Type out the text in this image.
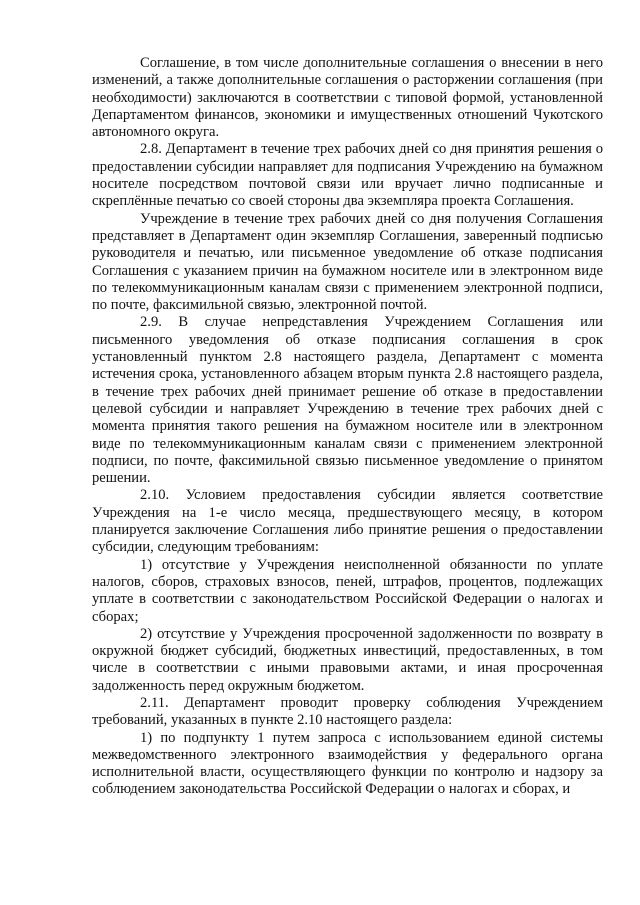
Соглашение, в том числе дополнительные соглашения о внесении в него изменений, а также дополнительные соглашения о расторжении соглашения (при необходимости) заключаются в соответствии с типовой формой, установленной Департаментом финансов, экономики и имущественных отношений Чукотского автономного округа.

2.8. Департамент в течение трех рабочих дней со дня принятия решения о предоставлении субсидии направляет для подписания Учреждению на бумажном носителе посредством почтовой связи или вручает лично подписанные и скреплённые печатью со своей стороны два экземпляра проекта Соглашения.

Учреждение в течение трех рабочих дней со дня получения Соглашения представляет в Департамент один экземпляр Соглашения, заверенный подписью руководителя и печатью, или письменное уведомление об отказе подписания Соглашения с указанием причин на бумажном носителе или в электронном виде по телекоммуникационным каналам связи с применением электронной подписи, по почте, факсимильной связью, электронной почтой.

2.9. В случае непредставления Учреждением Соглашения или письменного уведомления об отказе подписания соглашения в срок установленный пунктом 2.8 настоящего раздела, Департамент с момента истечения срока, установленного абзацем вторым пункта 2.8 настоящего раздела, в течение трех рабочих дней принимает решение об отказе в предоставлении целевой субсидии и направляет Учреждению в течение трех рабочих дней с момента принятия такого решения на бумажном носителе или в электронном виде по телекоммуникационным каналам связи с применением электронной подписи, по почте, факсимильной связью письменное уведомление о принятом решении.

2.10. Условием предоставления субсидии является соответствие Учреждения на 1-е число месяца, предшествующего месяцу, в котором планируется заключение Соглашения либо принятие решения о предоставлении субсидии, следующим требованиям:

1) отсутствие у Учреждения неисполненной обязанности по уплате налогов, сборов, страховых взносов, пеней, штрафов, процентов, подлежащих уплате в соответствии с законодательством Российской Федерации о налогах и сборах;

2) отсутствие у Учреждения просроченной задолженности по возврату в окружной бюджет субсидий, бюджетных инвестиций, предоставленных, в том числе в соответствии с иными правовыми актами, и иная просроченная задолженность перед окружным бюджетом.

2.11. Департамент проводит проверку соблюдения Учреждением требований, указанных в пункте 2.10 настоящего раздела:

1) по подпункту 1 путем запроса с использованием единой системы межведомственного электронного взаимодействия у федерального органа исполнительной власти, осуществляющего функции по контролю и надзору за соблюдением законодательства Российской Федерации о налогах и сборах, и
